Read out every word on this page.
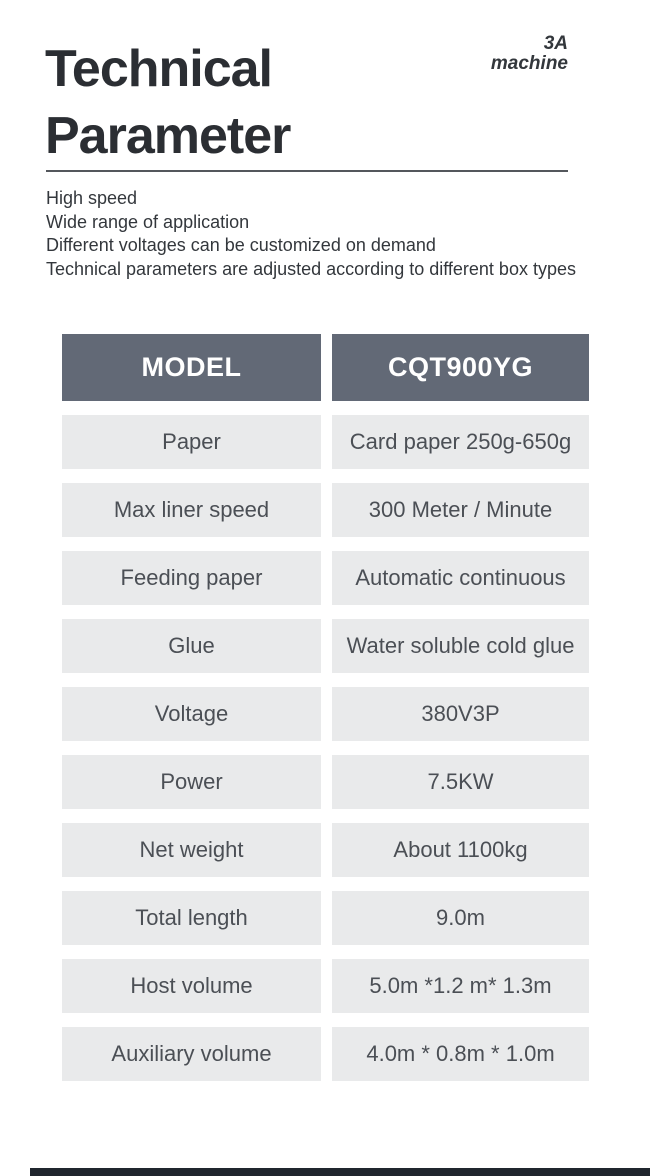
Technical
Parameter
3A
machine
High speed
Wide range of application
Different voltages can be customized on demand
Technical parameters are adjusted according to different box types
MODEL	CQT900YG
Paper	Card paper 250g-650g
Max liner speed	300 Meter / Minute
Feeding paper	Automatic continuous
Glue	Water soluble cold glue
Voltage	380V3P
Power	7.5KW
Net weight	About 1100kg
Total length	9.0m
Host volume	5.0m *1.2 m* 1.3m
Auxiliary volume	4.0m * 0.8m * 1.0m
